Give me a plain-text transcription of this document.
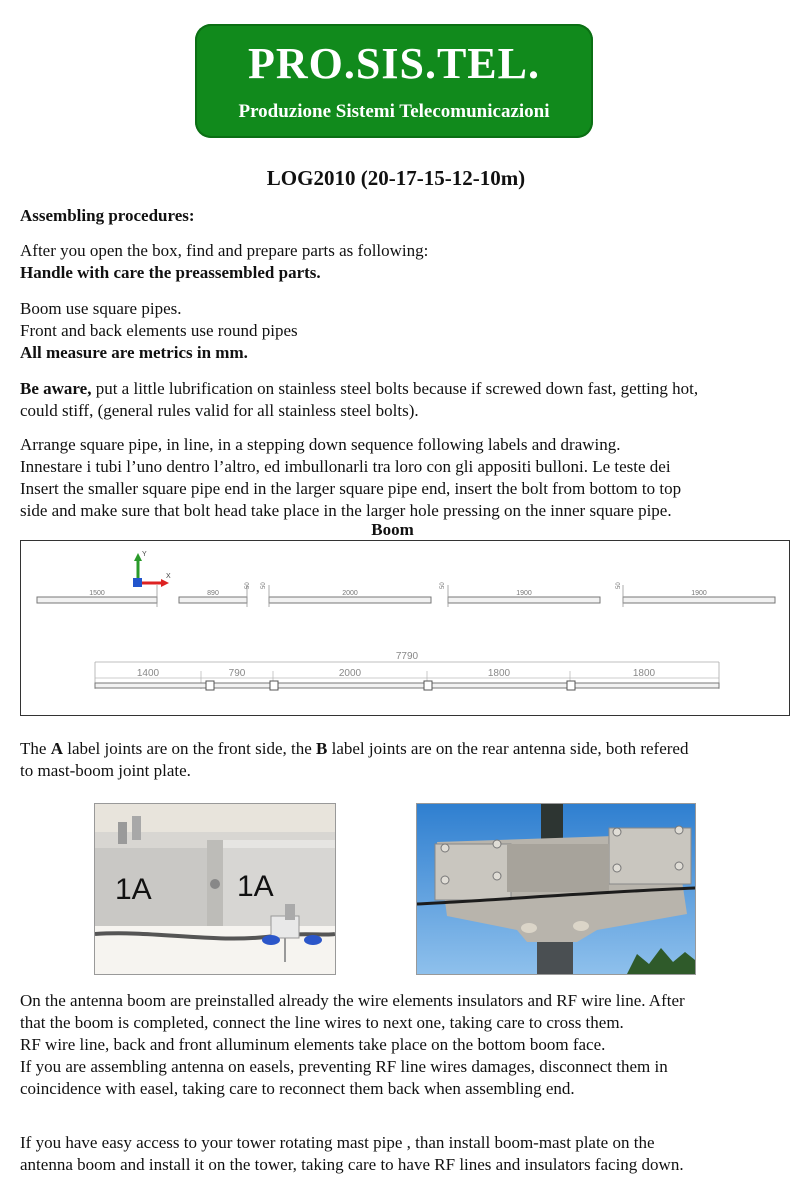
PRO.SIS.TEL.
Produzione Sistemi Telecomunicazioni
LOG2010 (20-17-15-12-10m)
Assembling procedures:
After you open the box, find and prepare parts as following:
Handle with care the preassembled parts.
Boom use square pipes.
Front and back elements use round pipes
All measure are metrics in mm.
Be aware, put a little lubrification on stainless steel bolts because if screwed down fast, getting hot,
could stiff, (general rules valid for all stainless steel bolts).
Arrange square pipe, in line, in a stepping down sequence following labels and drawing.
Innestare i tubi l’uno dentro l’altro, ed imbullonarli tra loro con gli appositi bulloni. Le teste dei
Insert the smaller square pipe end in the larger square pipe end, insert the bolt from bottom to top
side and make sure that bolt head take place in the larger hole pressing on the inner square pipe.
Boom
Y
X
1500	890	2000	1900	1900
50 50	50	50
7790
1400	790	2000	1800	1800
The A label joints are on the front side, the B label joints are on the rear antenna side, both refered
to mast-boom joint plate.
1A	1A
On the antenna boom are preinstalled already the wire elements insulators and RF wire line. After
that the boom is completed, connect the line wires to next one, taking care to cross them.
RF wire line, back and front alluminum elements take place on the bottom boom face.
If you are assembling antenna on easels, preventing RF line wires damages, disconnect them in
coincidence with easel, taking care to reconnect them back when assembling end.
If you have easy access to your tower rotating mast pipe , than install boom-mast plate on the
antenna boom and install it on the tower, taking care to have RF lines and insulators facing down.
